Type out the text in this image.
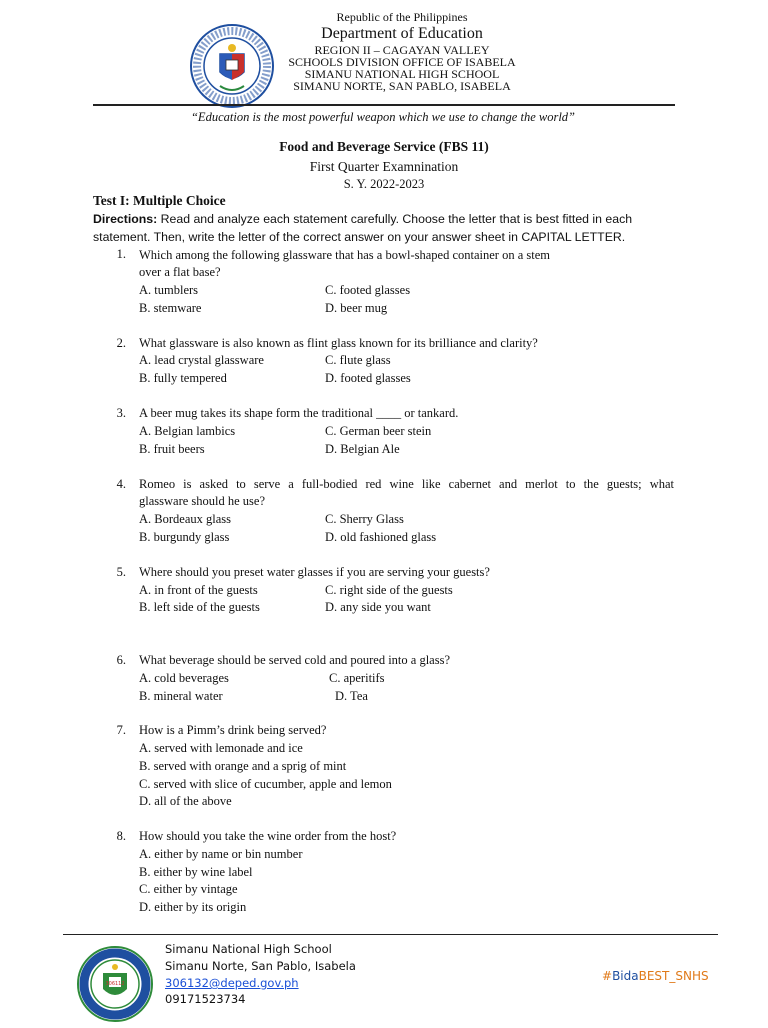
Republic of the Philippines
Department of Education
REGION II – CAGAYAN VALLEY
SCHOOLS DIVISION OFFICE OF ISABELA
SIMANU NATIONAL HIGH SCHOOL
SIMANU NORTE, SAN PABLO, ISABELA
“Education is the most powerful weapon which we use to change the world”
Food and Beverage Service (FBS 11)
First Quarter Examnination
S. Y. 2022-2023
Test I: Multiple Choice
Directions: Read and analyze each statement carefully. Choose the letter that is best fitted in each
statement. Then, write the letter of the correct answer on your answer sheet in CAPITAL LETTER.
1. Which among the following glassware that has a bowl-shaped container on a stem
over a flat base?
A. tumblers	C. footed glasses
B. stemware	D. beer mug
2. What glassware is also known as flint glass known for its brilliance and clarity?
A. lead crystal glassware	C. flute glass
B. fully tempered	D. footed glasses
3. A beer mug takes its shape form the traditional ____ or tankard.
A. Belgian lambics	C. German beer stein
B. fruit beers	D. Belgian Ale
4. Romeo is asked to serve a full-bodied red wine like cabernet and merlot to the guests; what
glassware should he use?
A. Bordeaux glass	C. Sherry Glass
B. burgundy glass	D. old fashioned glass
5. Where should you preset water glasses if you are serving your guests?
A. in front of the guests	C. right side of the guests
B. left side of the guests	D. any side you want
6. What beverage should be served cold and poured into a glass?
A. cold beverages	C. aperitifs
B. mineral water	D. Tea
7. How is a Pimm’s drink being served?
A. served with lemonade and ice
B. served with orange and a sprig of mint
C. served with slice of cucumber, apple and lemon
D. all of the above
8. How should you take the wine order from the host?
A. either by name or bin number
B. either by wine label
C. either by vintage
D. either by its origin
306112
Simanu National High School
Simanu Norte, San Pablo, Isabela
306132@deped.gov.ph
09171523734
#BidaBEST_SNHS
